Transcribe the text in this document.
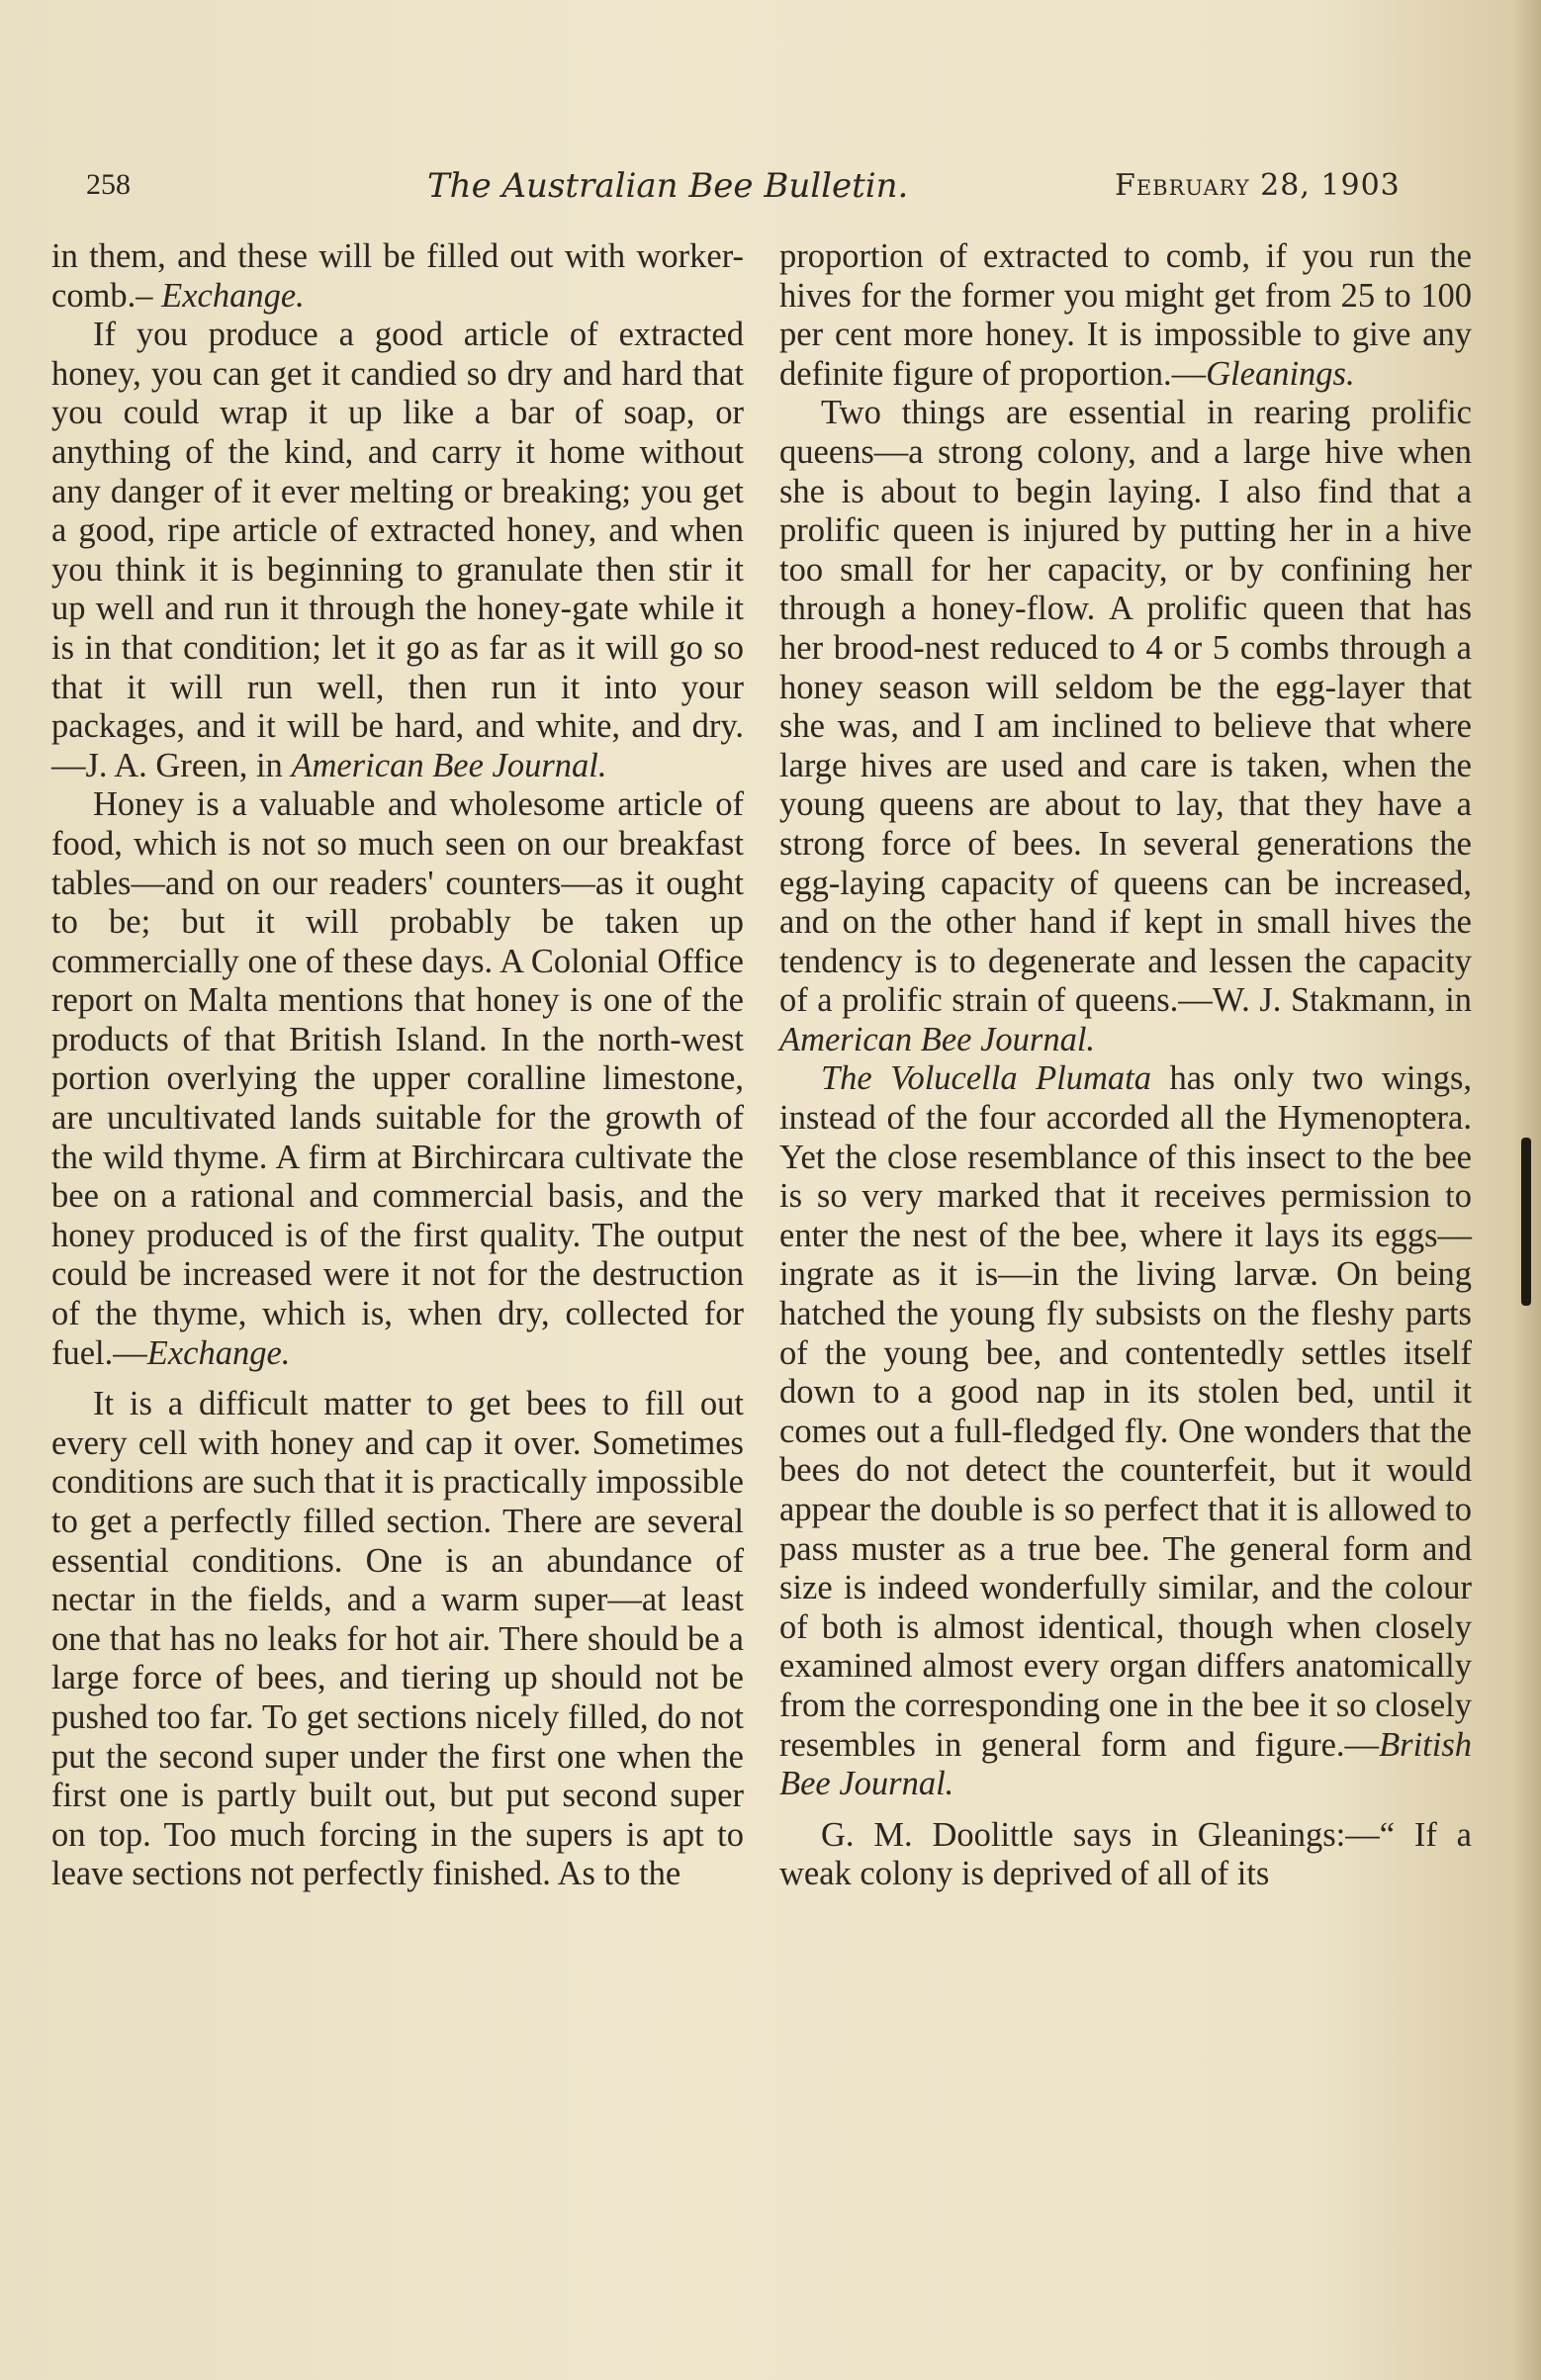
258	The Australian Bee Bulletin.	February 28, 1903

in them, and these will be filled out with worker-comb.– Exchange.

If you produce a good article of extracted honey, you can get it candied so dry and hard that you could wrap it up like a bar of soap, or anything of the kind, and carry it home without any danger of it ever melting or breaking; you get a good, ripe article of extracted honey, and when you think it is beginning to granulate then stir it up well and run it through the honey-gate while it is in that condition; let it go as far as it will go so that it will run well, then run it into your packages, and it will be hard, and white, and dry.—J. A. Green, in American Bee Journal.

Honey is a valuable and wholesome article of food, which is not so much seen on our breakfast tables—and on our readers' counters—as it ought to be; but it will probably be taken up commercially one of these days. A Colonial Office report on Malta mentions that honey is one of the products of that British Island. In the north-west portion overlying the upper coralline limestone, are uncultivated lands suitable for the growth of the wild thyme. A firm at Birchircara cultivate the bee on a rational and commercial basis, and the honey produced is of the first quality. The output could be increased were it not for the destruction of the thyme, which is, when dry, collected for fuel.—Exchange.

It is a difficult matter to get bees to fill out every cell with honey and cap it over. Sometimes conditions are such that it is practically impossible to get a perfectly filled section. There are several essential conditions. One is an abundance of nectar in the fields, and a warm super—at least one that has no leaks for hot air. There should be a large force of bees, and tiering up should not be pushed too far. To get sections nicely filled, do not put the second super under the first one when the first one is partly built out, but put second super on top. Too much forcing in the supers is apt to leave sections not perfectly finished. As to the

proportion of extracted to comb, if you run the hives for the former you might get from 25 to 100 per cent more honey. It is impossible to give any definite figure of proportion.—Gleanings.

Two things are essential in rearing prolific queens—a strong colony, and a large hive when she is about to begin laying. I also find that a prolific queen is injured by putting her in a hive too small for her capacity, or by confining her through a honey-flow. A prolific queen that has her brood-nest reduced to 4 or 5 combs through a honey season will seldom be the egg-layer that she was, and I am inclined to believe that where large hives are used and care is taken, when the young queens are about to lay, that they have a strong force of bees. In several generations the egg-laying capacity of queens can be increased, and on the other hand if kept in small hives the tendency is to degenerate and lessen the capacity of a prolific strain of queens.—W. J. Stakmann, in American Bee Journal.

The Volucella Plumata has only two wings, instead of the four accorded all the Hymenoptera. Yet the close resemblance of this insect to the bee is so very marked that it receives permission to enter the nest of the bee, where it lays its eggs—ingrate as it is—in the living larvæ. On being hatched the young fly subsists on the fleshy parts of the young bee, and contentedly settles itself down to a good nap in its stolen bed, until it comes out a full-fledged fly. One wonders that the bees do not detect the counterfeit, but it would appear the double is so perfect that it is allowed to pass muster as a true bee. The general form and size is indeed wonderfully similar, and the colour of both is almost identical, though when closely examined almost every organ differs anatomically from the corresponding one in the bee it so closely resembles in general form and figure.—British Bee Journal.

G. M. Doolittle says in Gleanings:—“ If a weak colony is deprived of all of its
